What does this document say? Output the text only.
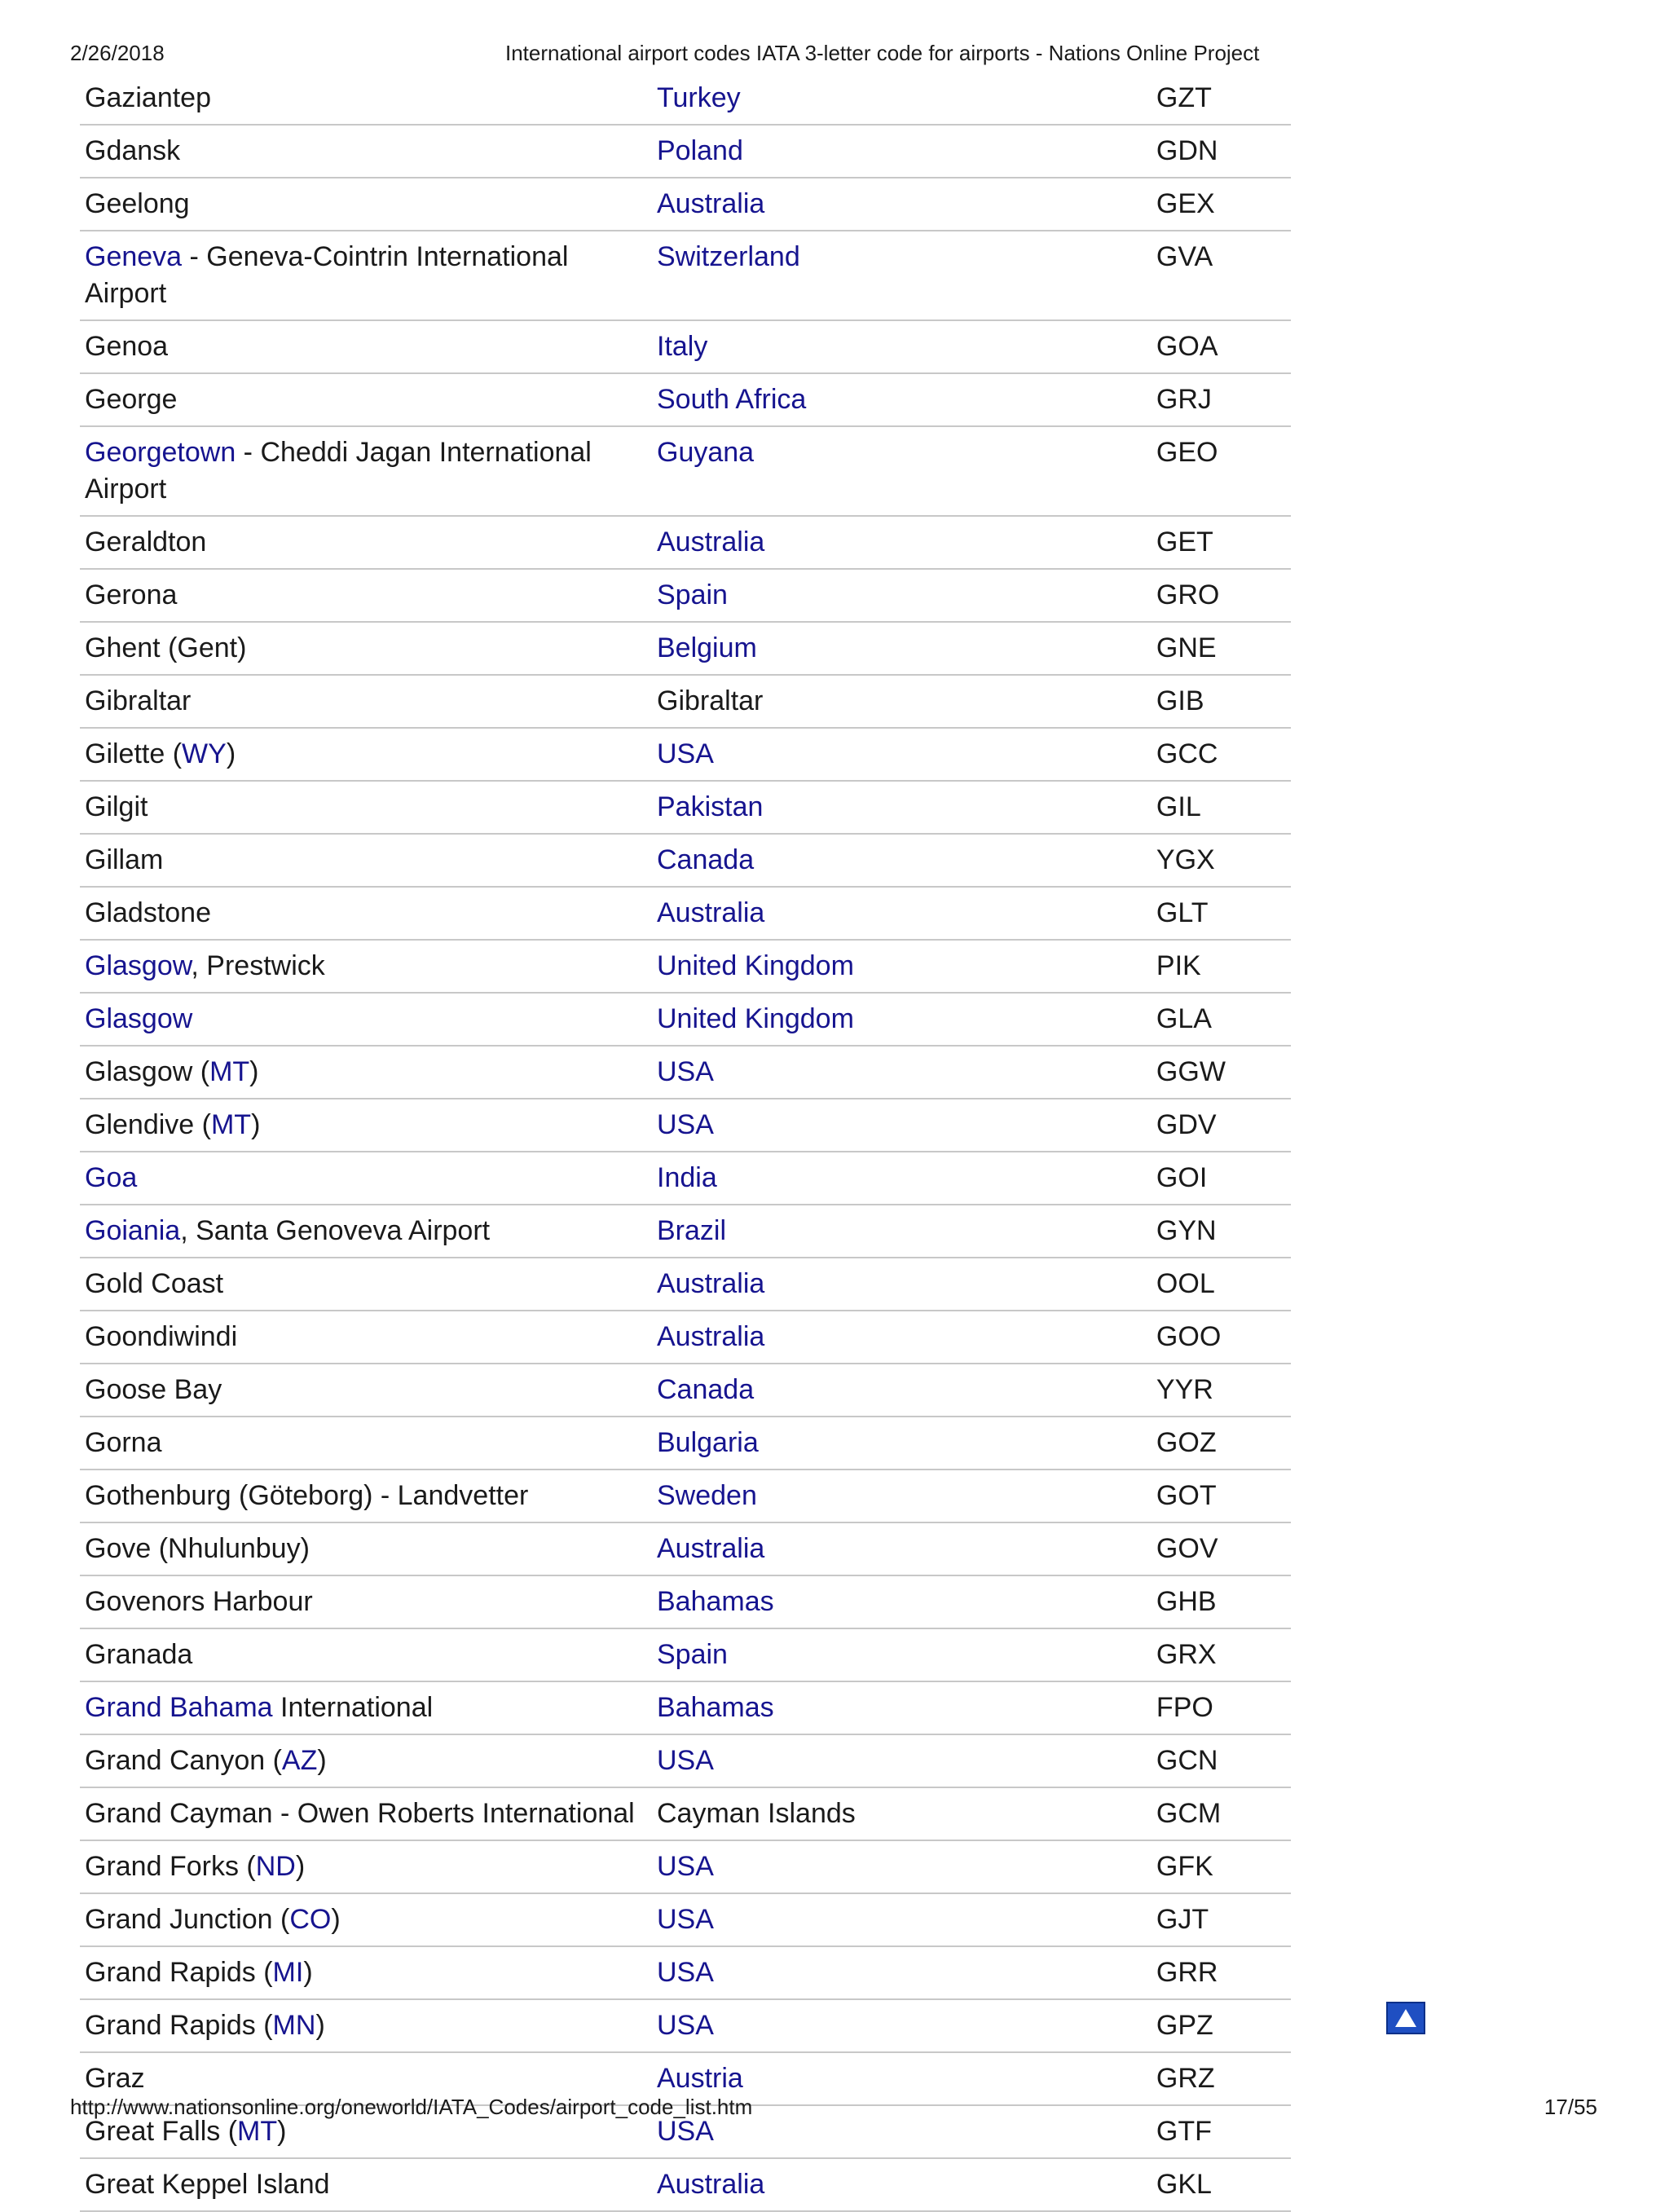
2/26/2018	International airport codes IATA 3-letter code for airports - Nations Online Project
Gaziantep	Turkey	GZT
Gdansk	Poland	GDN
Geelong	Australia	GEX
Geneva - Geneva-Cointrin International Airport	Switzerland	GVA
Genoa	Italy	GOA
George	South Africa	GRJ
Georgetown - Cheddi Jagan International Airport	Guyana	GEO
Geraldton	Australia	GET
Gerona	Spain	GRO
Ghent (Gent)	Belgium	GNE
Gibraltar	Gibraltar	GIB
Gilette (WY)	USA	GCC
Gilgit	Pakistan	GIL
Gillam	Canada	YGX
Gladstone	Australia	GLT
Glasgow, Prestwick	United Kingdom	PIK
Glasgow	United Kingdom	GLA
Glasgow (MT)	USA	GGW
Glendive (MT)	USA	GDV
Goa	India	GOI
Goiania, Santa Genoveva Airport	Brazil	GYN
Gold Coast	Australia	OOL
Goondiwindi	Australia	GOO
Goose Bay	Canada	YYR
Gorna	Bulgaria	GOZ
Gothenburg (Göteborg) - Landvetter	Sweden	GOT
Gove (Nhulunbuy)	Australia	GOV
Govenors Harbour	Bahamas	GHB
Granada	Spain	GRX
Grand Bahama International	Bahamas	FPO
Grand Canyon (AZ)	USA	GCN
Grand Cayman - Owen Roberts International	Cayman Islands	GCM
Grand Forks (ND)	USA	GFK
Grand Junction (CO)	USA	GJT
Grand Rapids (MI)	USA	GRR
Grand Rapids (MN)	USA	GPZ
Graz	Austria	GRZ
Great Falls (MT)	USA	GTF
Great Keppel Island	Australia	GKL
http://www.nationsonline.org/oneworld/IATA_Codes/airport_code_list.htm	17/55
